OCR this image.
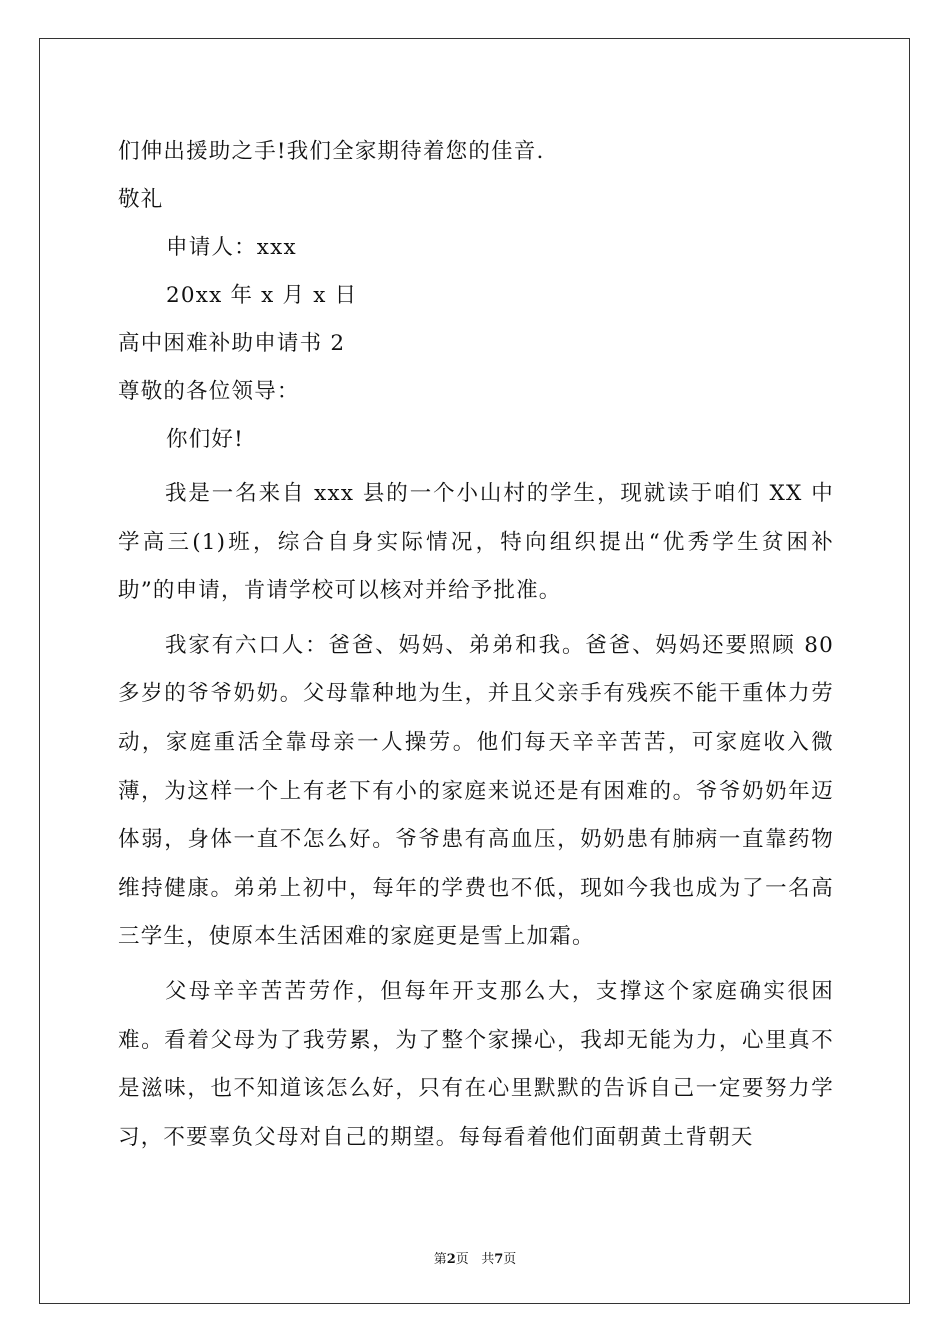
们伸出援助之手!我们全家期待着您的佳音.

敬礼

申请人：xxx

20xx 年 x 月 x 日

高中困难补助申请书 2

尊敬的各位领导：

你们好!

我是一名来自 xxx 县的一个小山村的学生，现就读于咱们 XX 中学高三(1)班，综合自身实际情况，特向组织提出“优秀学生贫困补助”的申请，肯请学校可以核对并给予批准。

我家有六口人：爸爸、妈妈、弟弟和我。爸爸、妈妈还要照顾 80 多岁的爷爷奶奶。父母靠种地为生，并且父亲手有残疾不能干重体力劳动，家庭重活全靠母亲一人操劳。他们每天辛辛苦苦，可家庭收入微薄，为这样一个上有老下有小的家庭来说还是有困难的。爷爷奶奶年迈体弱，身体一直不怎么好。爷爷患有高血压，奶奶患有肺病一直靠药物维持健康。弟弟上初中，每年的学费也不低，现如今我也成为了一名高三学生，使原本生活困难的家庭更是雪上加霜。

父母辛辛苦苦劳作，但每年开支那么大，支撑这个家庭确实很困难。看着父母为了我劳累，为了整个家操心，我却无能为力，心里真不是滋味，也不知道该怎么好，只有在心里默默的告诉自己一定要努力学习，不要辜负父母对自己的期望。每每看着他们面朝黄土背朝天

第2页 共7页
